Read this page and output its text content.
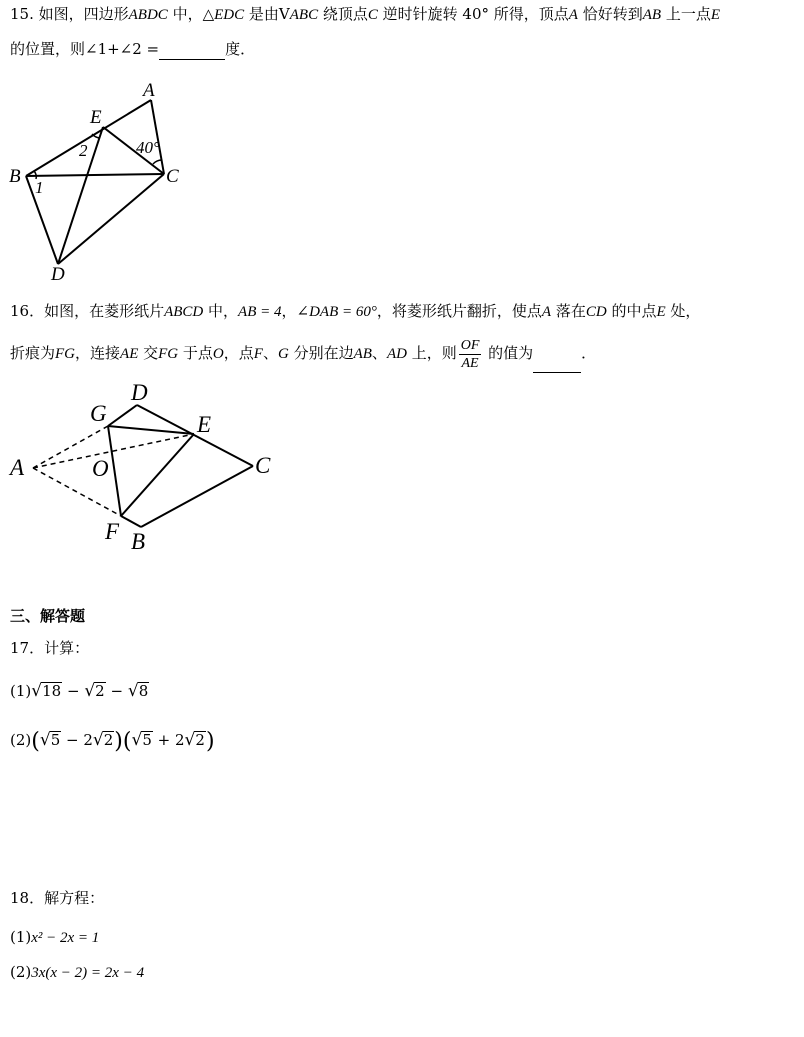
15. 如图，四边形ABDC 中，△EDC 是由VABC 绕顶点C 逆时针旋转 40° 所得，顶点A 恰好转到AB 上一点E
的位置，则∠1+∠2 =	度．
A
E
B	C
D
1
2	40°
16．如图，在菱形纸片ABCD 中，AB = 4，∠DAB = 60°，将菱形纸片翻折，使点A 落在CD 的中点E 处，
折痕为FG，连接AE 交FG 于点O，点F、G 分别在边AB、AD 上，则 $\frac{OF}{AE}$ 的值为	．
A
B
C
D
E
F
G
O
三、解答题
17．计算：
(1)√18 − √2 − √8
(2)(√5 − 2√2)(√5 + 2√2)
18．解方程：
(1)x² − 2x = 1
(2)3x(x − 2) = 2x − 4
